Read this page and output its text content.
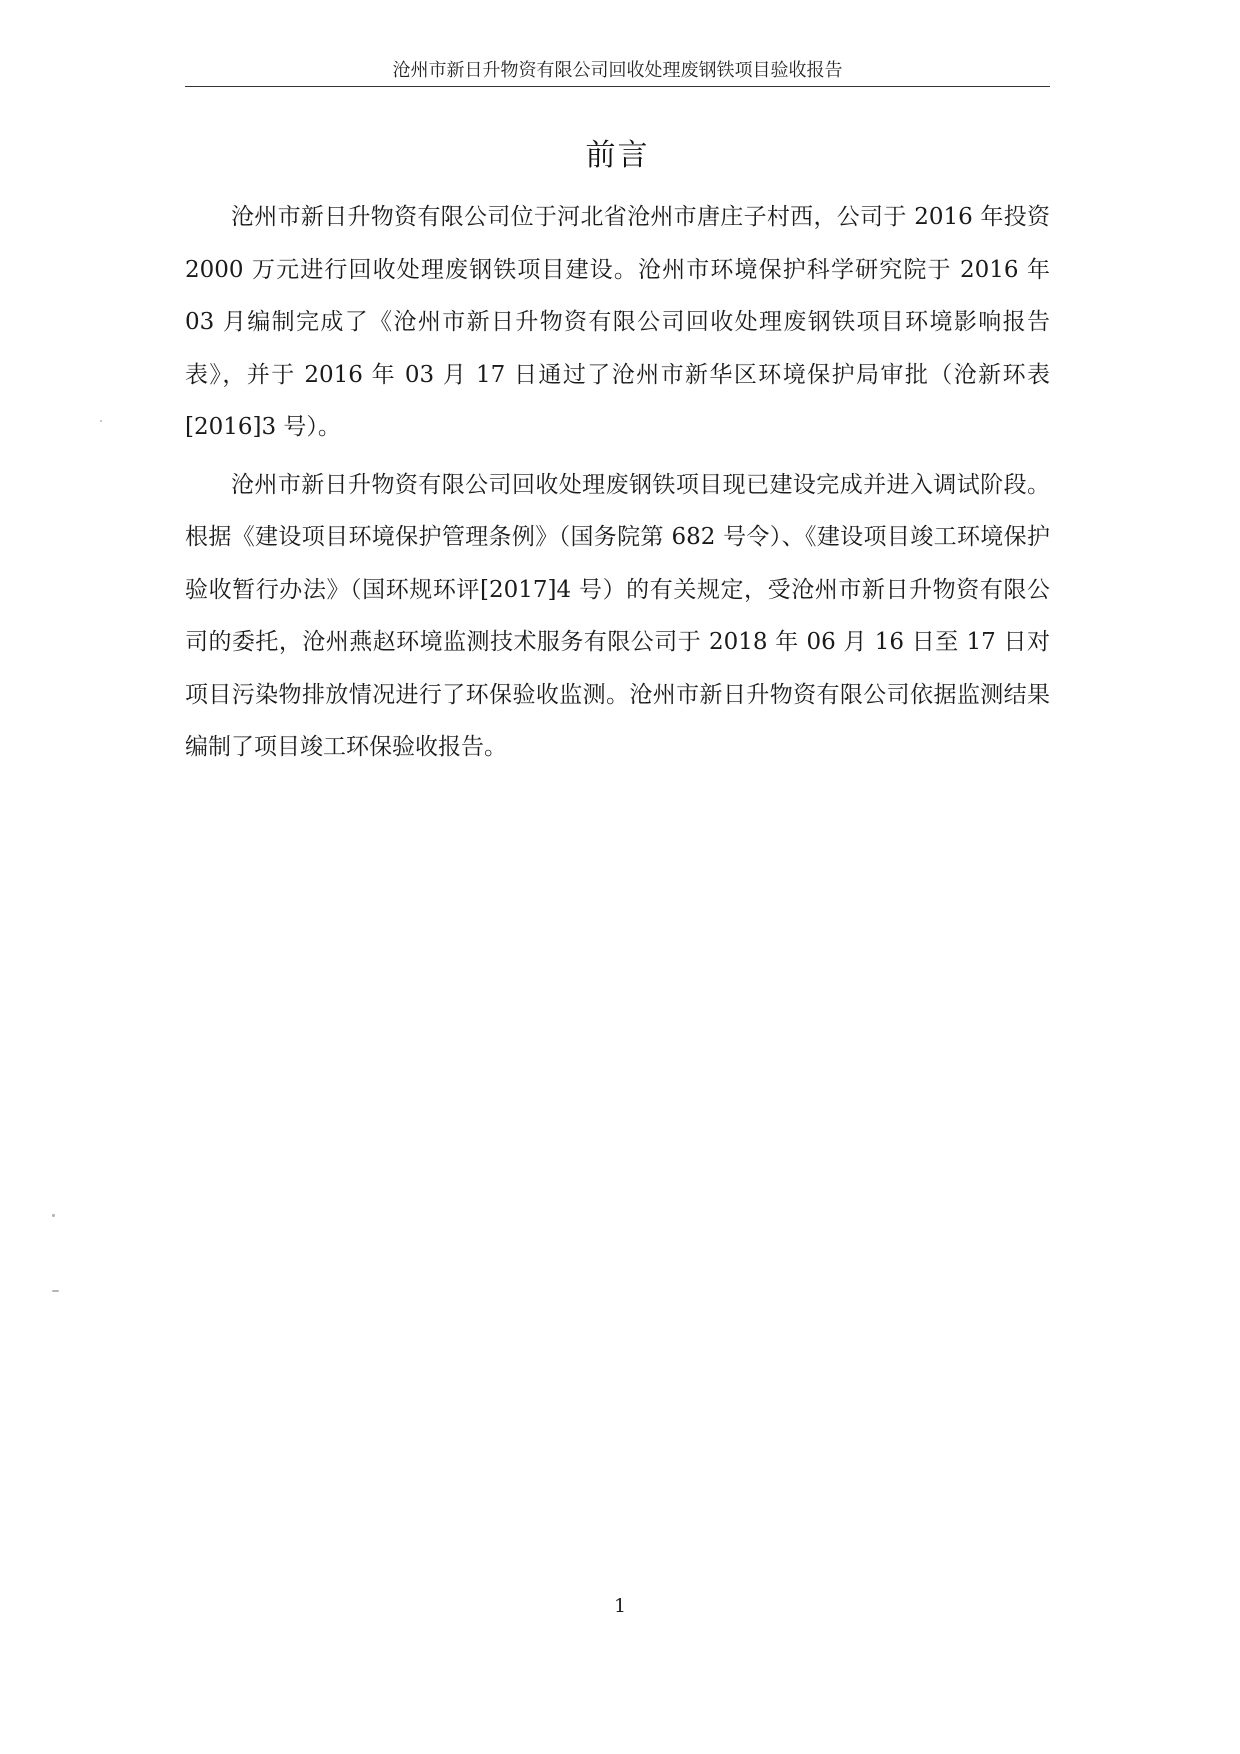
沧州市新日升物资有限公司回收处理废钢铁项目验收报告
前言

沧州市新日升物资有限公司位于河北省沧州市唐庄子村西，公司于 2016 年投资 2000 万元进行回收处理废钢铁项目建设。沧州市环境保护科学研究院于 2016 年 03 月编制完成了《沧州市新日升物资有限公司回收处理废钢铁项目环境影响报告表》，并于 2016 年 03 月 17 日通过了沧州市新华区环境保护局审批（沧新环表[2016]3 号）。

沧州市新日升物资有限公司回收处理废钢铁项目现已建设完成并进入调试阶段。根据《建设项目环境保护管理条例》（国务院第 682 号令）、《建设项目竣工环境保护验收暂行办法》（国环规环评[2017]4 号）的有关规定，受沧州市新日升物资有限公司的委托，沧州燕赵环境监测技术服务有限公司于 2018 年 06 月 16 日至 17 日对项目污染物排放情况进行了环保验收监测。沧州市新日升物资有限公司依据监测结果编制了项目竣工环保验收报告。

1
